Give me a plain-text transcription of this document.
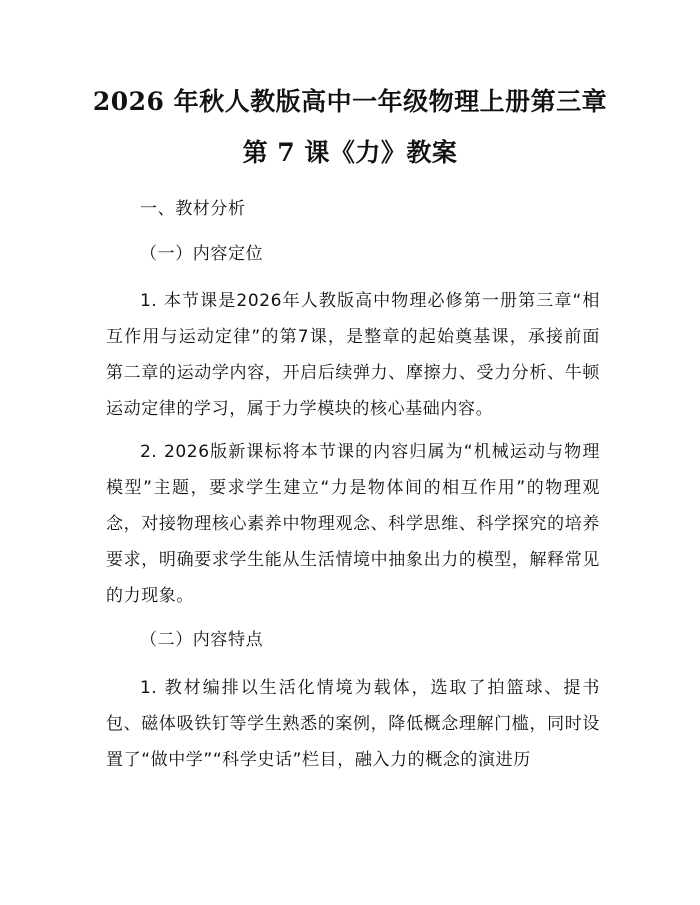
2026 年秋人教版高中一年级物理上册第三章
第 7 课《力》教案

一、教材分析

（一）内容定位

1. 本节课是2026年人教版高中物理必修第一册第三章“相互作用与运动定律”的第7课，是整章的起始奠基课，承接前面第二章的运动学内容，开启后续弹力、摩擦力、受力分析、牛顿运动定律的学习，属于力学模块的核心基础内容。

2. 2026版新课标将本节课的内容归属为“机械运动与物理模型”主题，要求学生建立“力是物体间的相互作用”的物理观念，对接物理核心素养中物理观念、科学思维、科学探究的培养要求，明确要求学生能从生活情境中抽象出力的模型，解释常见的力现象。

（二）内容特点

1. 教材编排以生活化情境为载体，选取了拍篮球、提书包、磁体吸铁钉等学生熟悉的案例，降低概念理解门槛，同时设置了“做中学”“科学史话”栏目，融入力的概念的演进历
